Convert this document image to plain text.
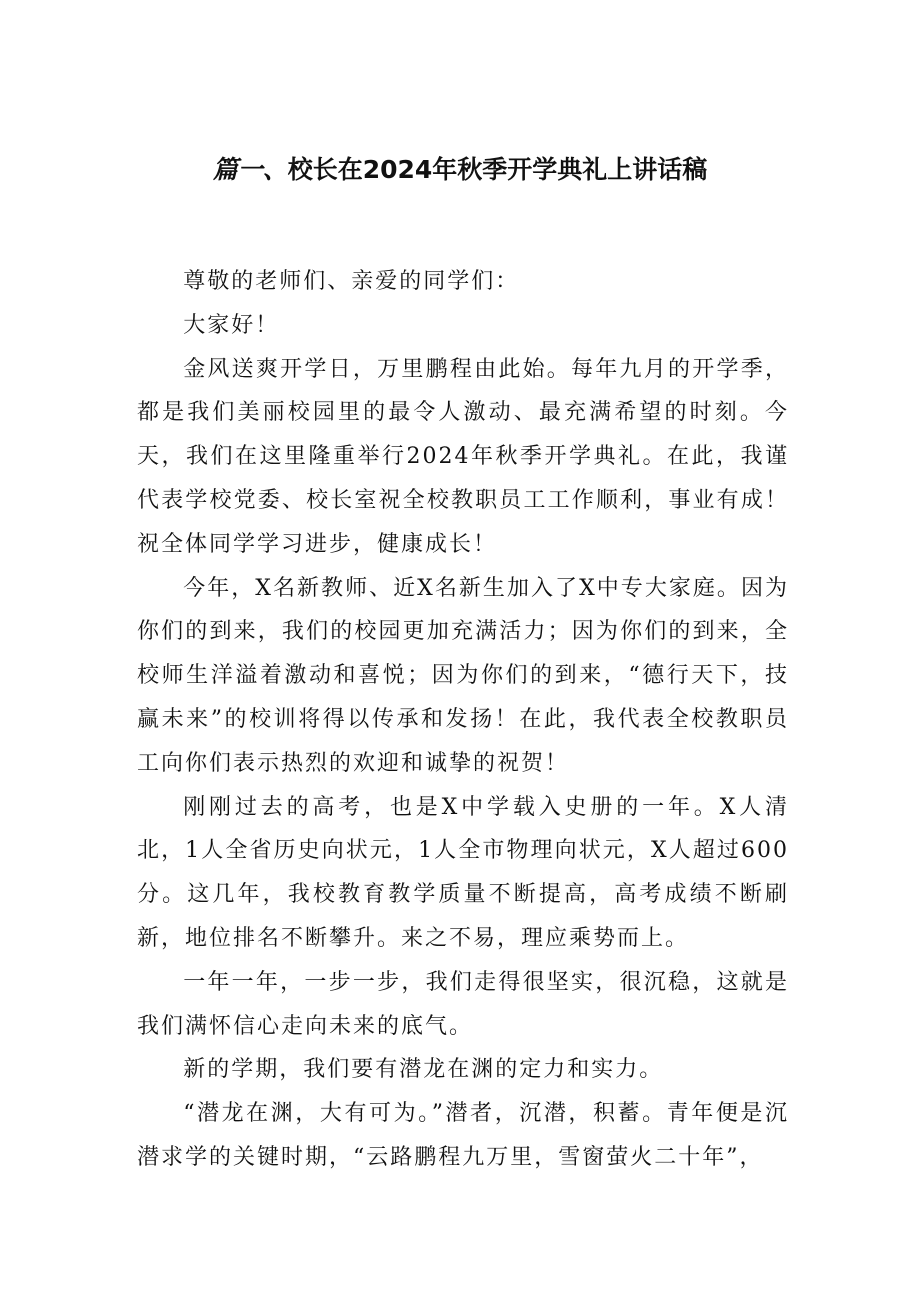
篇一、校长在2024年秋季开学典礼上讲话稿

尊敬的老师们、亲爱的同学们：

大家好！

金风送爽开学日，万里鹏程由此始。每年九月的开学季，都是我们美丽校园里的最令人激动、最充满希望的时刻。今天，我们在这里隆重举行2024年秋季开学典礼。在此，我谨代表学校党委、校长室祝全校教职员工工作顺利，事业有成！祝全体同学学习进步，健康成长！

今年，X名新教师、近X名新生加入了X中专大家庭。因为你们的到来，我们的校园更加充满活力；因为你们的到来，全校师生洋溢着激动和喜悦；因为你们的到来，“德行天下，技赢未来”的校训将得以传承和发扬！在此，我代表全校教职员工向你们表示热烈的欢迎和诚挚的祝贺！

刚刚过去的高考，也是X中学载入史册的一年。X人清北，1人全省历史向状元，1人全市物理向状元，X人超过600分。这几年，我校教育教学质量不断提高，高考成绩不断刷新，地位排名不断攀升。来之不易，理应乘势而上。

一年一年，一步一步，我们走得很坚实，很沉稳，这就是我们满怀信心走向未来的底气。

新的学期，我们要有潜龙在渊的定力和实力。

“潜龙在渊，大有可为。”潜者，沉潜，积蓄。青年便是沉潜求学的关键时期，“云路鹏程九万里，雪窗萤火二十年”，
